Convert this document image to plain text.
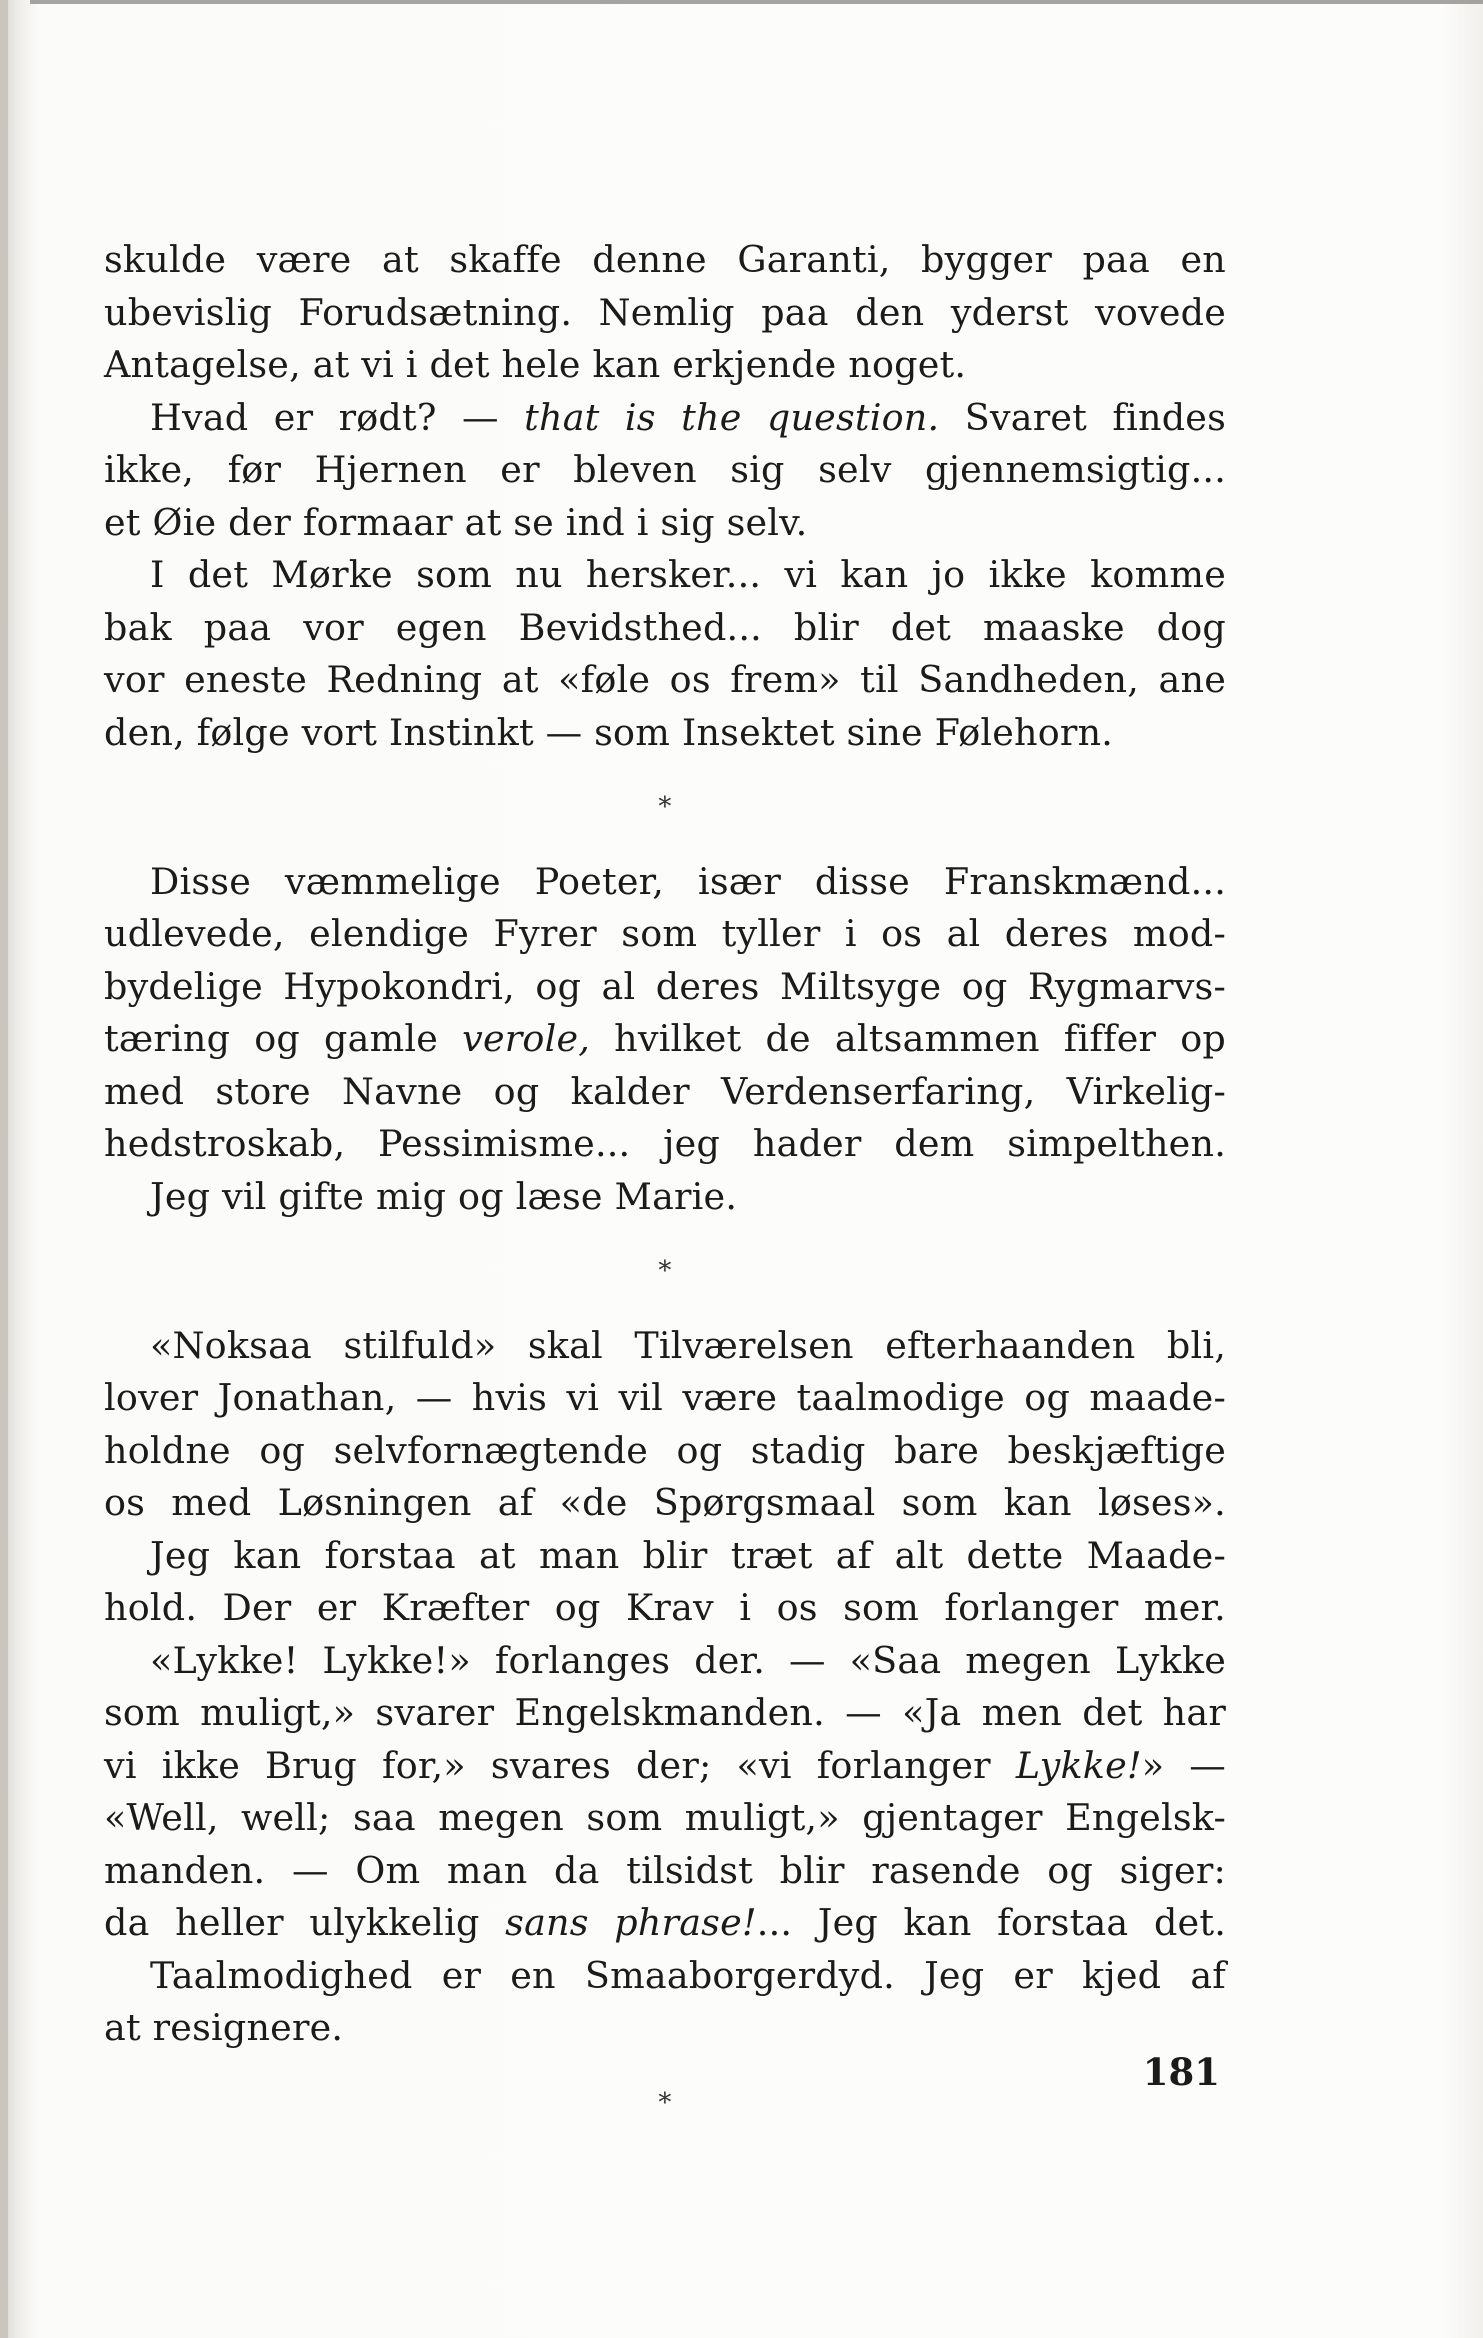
skulde være at skaffe denne Garanti, bygger paa en
ubevislig Forudsætning. Nemlig paa den yderst vovede
Antagelse, at vi i det hele kan erkjende noget.
Hvad er rødt? — that is the question. Svaret findes
ikke, før Hjernen er bleven sig selv gjennemsigtig...
et Øie der formaar at se ind i sig selv.
I det Mørke som nu hersker... vi kan jo ikke komme
bak paa vor egen Bevidsthed... blir det maaske dog
vor eneste Redning at «føle os frem» til Sandheden, ane
den, følge vort Instinkt — som Insektet sine Følehorn.
*
Disse væmmelige Poeter, især disse Franskmænd...
udlevede, elendige Fyrer som tyller i os al deres mod-
bydelige Hypokondri, og al deres Miltsyge og Rygmarvs-
tæring og gamle verole, hvilket de altsammen fiffer op
med store Navne og kalder Verdenserfaring, Virkelig-
hedstroskab, Pessimisme... jeg hader dem simpelthen.
Jeg vil gifte mig og læse Marie.
*
«Noksaa stilfuld» skal Tilværelsen efterhaanden bli,
lover Jonathan, — hvis vi vil være taalmodige og maade-
holdne og selvfornægtende og stadig bare beskjæftige
os med Løsningen af «de Spørgsmaal som kan løses».
Jeg kan forstaa at man blir træt af alt dette Maade-
hold. Der er Kræfter og Krav i os som forlanger mer.
«Lykke! Lykke!» forlanges der. — «Saa megen Lykke
som muligt,» svarer Engelskmanden. — «Ja men det har
vi ikke Brug for,» svares der; «vi forlanger Lykke!» —
«Well, well; saa megen som muligt,» gjentager Engelsk-
manden. — Om man da tilsidst blir rasende og siger:
da heller ulykkelig sans phrase!... Jeg kan forstaa det.
Taalmodighed er en Smaaborgerdyd. Jeg er kjed af
at resignere.
*
181
